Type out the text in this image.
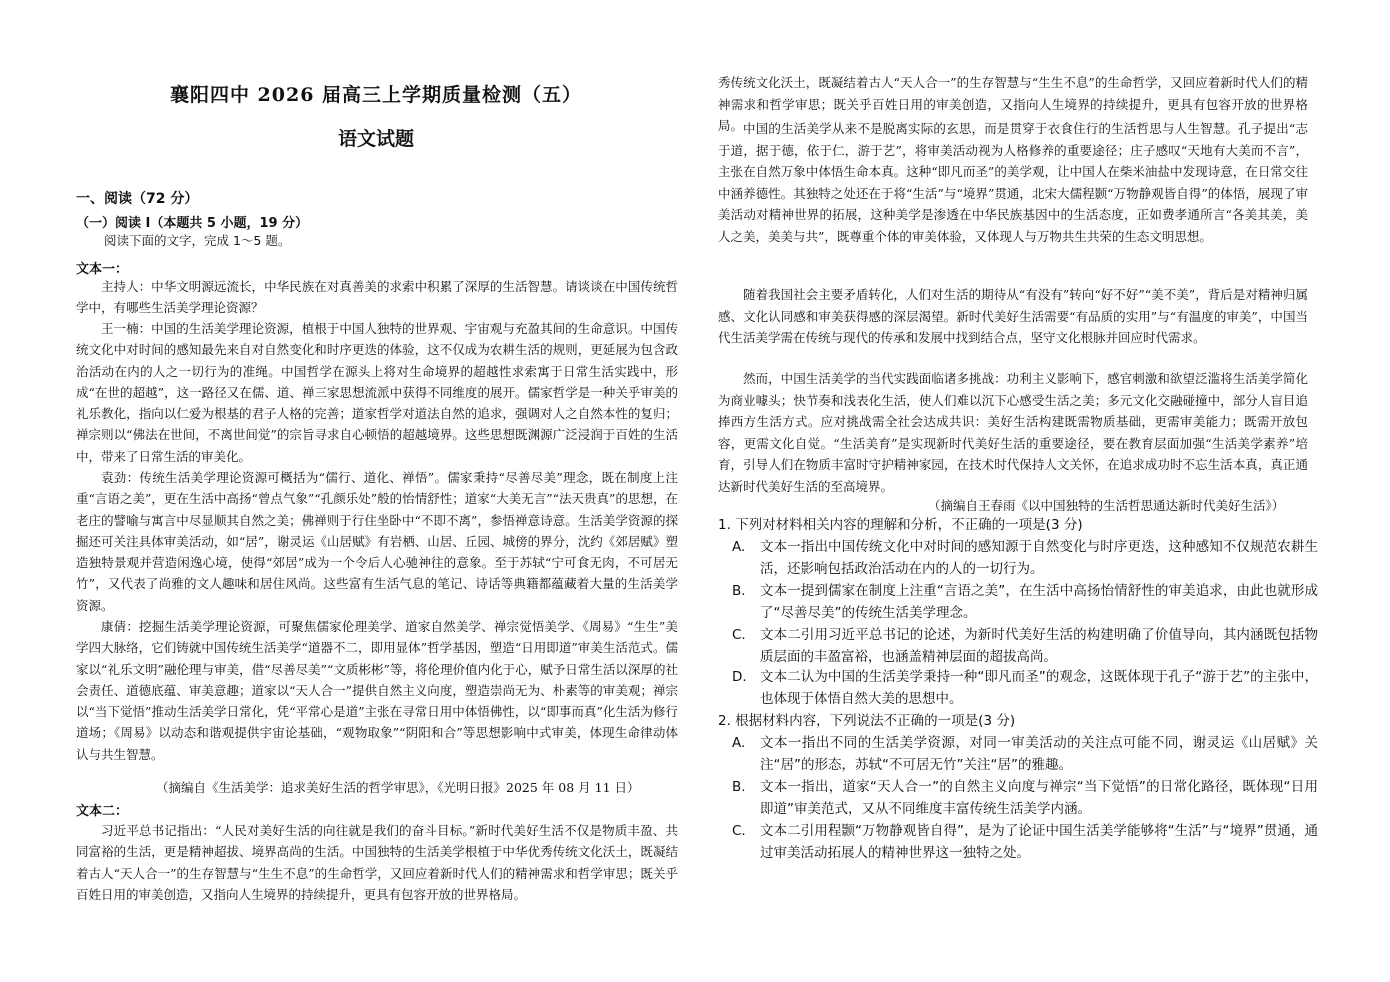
襄阳四中 2026 届高三上学期质量检测（五）
语文试题
一、阅读（72 分）
（一）阅读 I（本题共 5 小题，19 分）
阅读下面的文字，完成 1～5 题。
文本一：
主持人：中华文明源远流长，中华民族在对真善美的求索中积累了深厚的生活智慧。请谈谈在中国传统哲学中，有哪些生活美学理论资源？
王一楠：中国的生活美学理论资源，植根于中国人独特的世界观、宇宙观与充盈其间的生命意识。中国传统文化中对时间的感知最先来自对自然变化和时序更迭的体验，这不仅成为农耕生活的规则，更延展为包含政治活动在内的人之一切行为的准绳。中国哲学在源头上将对生命境界的超越性求索寓于日常生活实践中，形成“在世的超越”，这一路径又在儒、道、禅三家思想流派中获得不同维度的展开。儒家哲学是一种关乎审美的礼乐教化，指向以仁爱为根基的君子人格的完善；道家哲学对道法自然的追求，强调对人之自然本性的复归；禅宗则以“佛法在世间，不离世间觉”的宗旨寻求自心顿悟的超越境界。这些思想既渊源广泛浸润于百姓的生活中，带来了日常生活的审美化。
袁劲：传统生活美学理论资源可概括为“儒行、道化、禅悟”。儒家秉持“尽善尽美”理念，既在制度上注重“言语之美”，更在生活中高扬“曾点气象”“孔颜乐处”般的怡情舒性；道家“大美无言”“法天贵真”的思想，在老庄的譬喻与寓言中尽显顺其自然之美；佛禅则于行住坐卧中“不即不离”，参悟禅意诗意。生活美学资源的探掘还可关注具体审美活动，如“居”，谢灵运《山居赋》有岩栖、山居、丘园、城傍的界分，沈约《郊居赋》塑造独特景观并营造闲逸心境，使得“郊居”成为一个令后人心驰神往的意象。至于苏轼“宁可食无肉，不可居无竹”，又代表了尚雅的文人趣味和居住风尚。这些富有生活气息的笔记、诗话等典籍都蕴藏着大量的生活美学资源。
康倩：挖掘生活美学理论资源，可聚焦儒家伦理美学、道家自然美学、禅宗觉悟美学、《周易》“生生”美学四大脉络，它们铸就中国传统生活美学“道器不二，即用显体”哲学基因，塑造“日用即道”审美生活范式。儒家以“礼乐文明”融伦理与审美，借“尽善尽美”“文质彬彬”等，将伦理价值内化于心，赋予日常生活以深厚的社会责任、道德底蕴、审美意趣；道家以“天人合一”提供自然主义向度，塑造崇尚无为、朴素等的审美观；禅宗以“当下觉悟”推动生活美学日常化，凭“平常心是道”主张在寻常日用中体悟佛性，以“即事而真”化生活为修行道场；《周易》以动态和谐观提供宇宙论基础，“观物取象”“阴阳和合”等思想影响中式审美，体现生命律动体认与共生智慧。
（摘编自《生活美学：追求美好生活的哲学审思》，《光明日报》2025 年 08 月 11 日）
文本二：
习近平总书记指出：“人民对美好生活的向往就是我们的奋斗目标。”新时代美好生活不仅是物质丰盈、共同富裕的生活，更是精神超拔、境界高尚的生活。中国独特的生活美学根植于中华优秀传统文化沃土，既凝结着古人“天人合一”的生存智慧与“生生不息”的生命哲学，又回应着新时代人们的精神需求和哲学审思；既关乎百姓日用的审美创造，又指向人生境界的持续提升，更具有包容开放的世界格局。
中国的生活美学从来不是脱离实际的玄思，而是贯穿于衣食住行的生活哲思与人生智慧。孔子提出“志于道，据于德，依于仁，游于艺”，将审美活动视为人格修养的重要途径；庄子感叹“天地有大美而不言”，主张在自然万象中体悟生命本真。这种“即凡而圣”的美学观，让中国人在柴米油盐中发现诗意，在日常交往中涵养德性。其独特之处还在于将“生活”与“境界”贯通，北宋大儒程颢“万物静观皆自得”的体悟，展现了审美活动对精神世界的拓展，这种美学是渗透在中华民族基因中的生活态度，正如费孝通所言“各美其美，美人之美，美美与共”，既尊重个体的审美体验，又体现人与万物共生共荣的生态文明思想。
随着我国社会主要矛盾转化，人们对生活的期待从“有没有”转向“好不好”“美不美”，背后是对精神归属感、文化认同感和审美获得感的深层渴望。新时代美好生活需要“有品质的实用”与“有温度的审美”，中国当代生活美学需在传统与现代的传承和发展中找到结合点，坚守文化根脉并回应时代需求。
然而，中国生活美学的当代实践面临诸多挑战：功利主义影响下，感官刺激和欲望泛滥将生活美学简化为商业噱头；快节奏和浅表化生活，使人们难以沉下心感受生活之美；多元文化交融碰撞中，部分人盲目追捧西方生活方式。应对挑战需全社会达成共识：美好生活构建既需物质基础，更需审美能力；既需开放包容，更需文化自觉。“生活美育”是实现新时代美好生活的重要途径，要在教育层面加强“生活美学素养”培育，引导人们在物质丰富时守护精神家园，在技术时代保持人文关怀，在追求成功时不忘生活本真，真正通达新时代美好生活的至高境界。
（摘编自王春雨《以中国独特的生活哲思通达新时代美好生活》）
1. 下列对材料相关内容的理解和分析，不正确的一项是(3 分)
A.	文本一指出中国传统文化中对时间的感知源于自然变化与时序更迭，这种感知不仅规范农耕生活，还影响包括政治活动在内的人的一切行为。
B.	文本一提到儒家在制度上注重“言语之美”，在生活中高扬怡情舒性的审美追求，由此也就形成了“尽善尽美”的传统生活美学理念。
C.	文本二引用习近平总书记的论述，为新时代美好生活的构建明确了价值导向，其内涵既包括物质层面的丰盈富裕，也涵盖精神层面的超拔高尚。
D. 文本二认为中国的生活美学秉持一种“即凡而圣”的观念，这既体现于孔子“游于艺”的主张中，也体现于体悟自然大美的思想中。
2. 根据材料内容，下列说法不正确的一项是(3 分)
A.	文本一指出不同的生活美学资源，对同一审美活动的关注点可能不同，谢灵运《山居赋》关注“居”的形态，苏轼“不可居无竹”关注“居”的雅趣。
B.	文本一指出，道家“天人合一”的自然主义向度与禅宗“当下觉悟”的日常化路径，既体现“日用即道”审美范式，又从不同维度丰富传统生活美学内涵。
C.	文本二引用程颢“万物静观皆自得”，是为了论证中国生活美学能够将“生活”与“境界”贯通，通过审美活动拓展人的精神世界这一独特之处。
秀传统文化沃土，既凝结着古人“天人合一”的生存智慧与“生生不息”的生命哲学，又回应着新时代人们的精神需求和哲学审思；既关乎百姓日用的审美创造，又指向人生境界的持续提升，更具有包容开放的世界格局。
